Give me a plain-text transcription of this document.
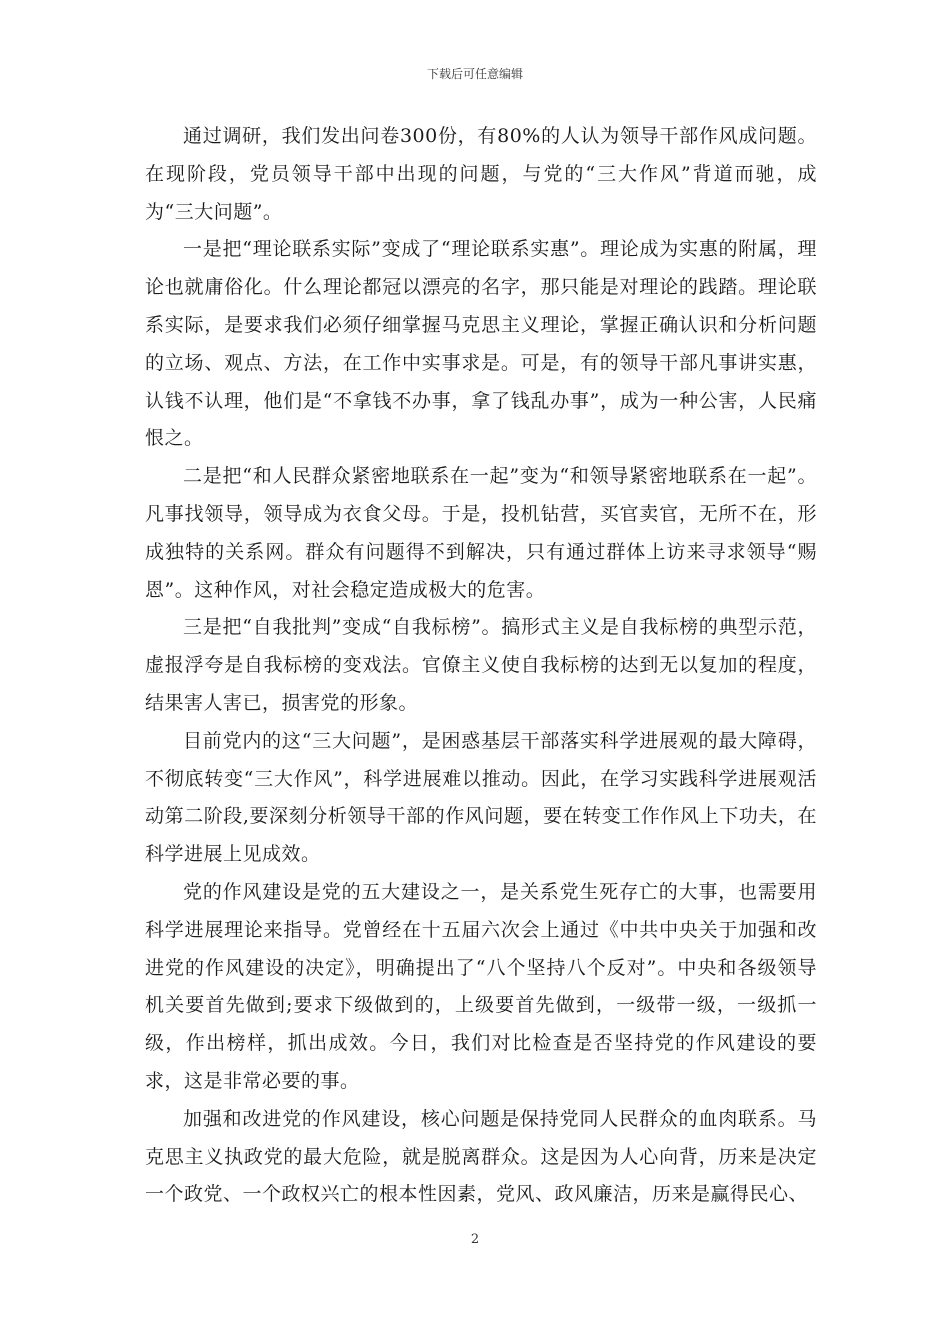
下载后可任意编辑

通过调研，我们发出问卷300份，有80%的人认为领导干部作风成问题。在现阶段，党员领导干部中出现的问题，与党的“三大作风”背道而驰，成为“三大问题”。

一是把“理论联系实际”变成了“理论联系实惠”。理论成为实惠的附属，理论也就庸俗化。什么理论都冠以漂亮的名字，那只能是对理论的践踏。理论联系实际，是要求我们必须仔细掌握马克思主义理论，掌握正确认识和分析问题的立场、观点、方法，在工作中实事求是。可是，有的领导干部凡事讲实惠，认钱不认理，他们是“不拿钱不办事，拿了钱乱办事”，成为一种公害，人民痛恨之。

二是把“和人民群众紧密地联系在一起”变为“和领导紧密地联系在一起”。凡事找领导，领导成为衣食父母。于是，投机钻营，买官卖官，无所不在，形成独特的关系网。群众有问题得不到解决，只有通过群体上访来寻求领导“赐恩”。这种作风，对社会稳定造成极大的危害。

三是把“自我批判”变成“自我标榜”。搞形式主义是自我标榜的典型示范，虚报浮夸是自我标榜的变戏法。官僚主义使自我标榜的达到无以复加的程度，结果害人害已，损害党的形象。

目前党内的这“三大问题”，是困惑基层干部落实科学进展观的最大障碍，不彻底转变“三大作风”，科学进展难以推动。因此，在学习实践科学进展观活动第二阶段,要深刻分析领导干部的作风问题，要在转变工作作风上下功夫，在科学进展上见成效。

党的作风建设是党的五大建设之一，是关系党生死存亡的大事，也需要用科学进展理论来指导。党曾经在十五届六次会上通过《中共中央关于加强和改进党的作风建设的决定》，明确提出了“八个坚持八个反对”。中央和各级领导机关要首先做到;要求下级做到的，上级要首先做到，一级带一级，一级抓一级，作出榜样，抓出成效。今日，我们对比检查是否坚持党的作风建设的要求，这是非常必要的事。

加强和改进党的作风建设，核心问题是保持党同人民群众的血肉联系。马克思主义执政党的最大危险，就是脱离群众。这是因为人心向背，历来是决定一个政党、一个政权兴亡的根本性因素，党风、政风廉洁，历来是赢得民心、

2
